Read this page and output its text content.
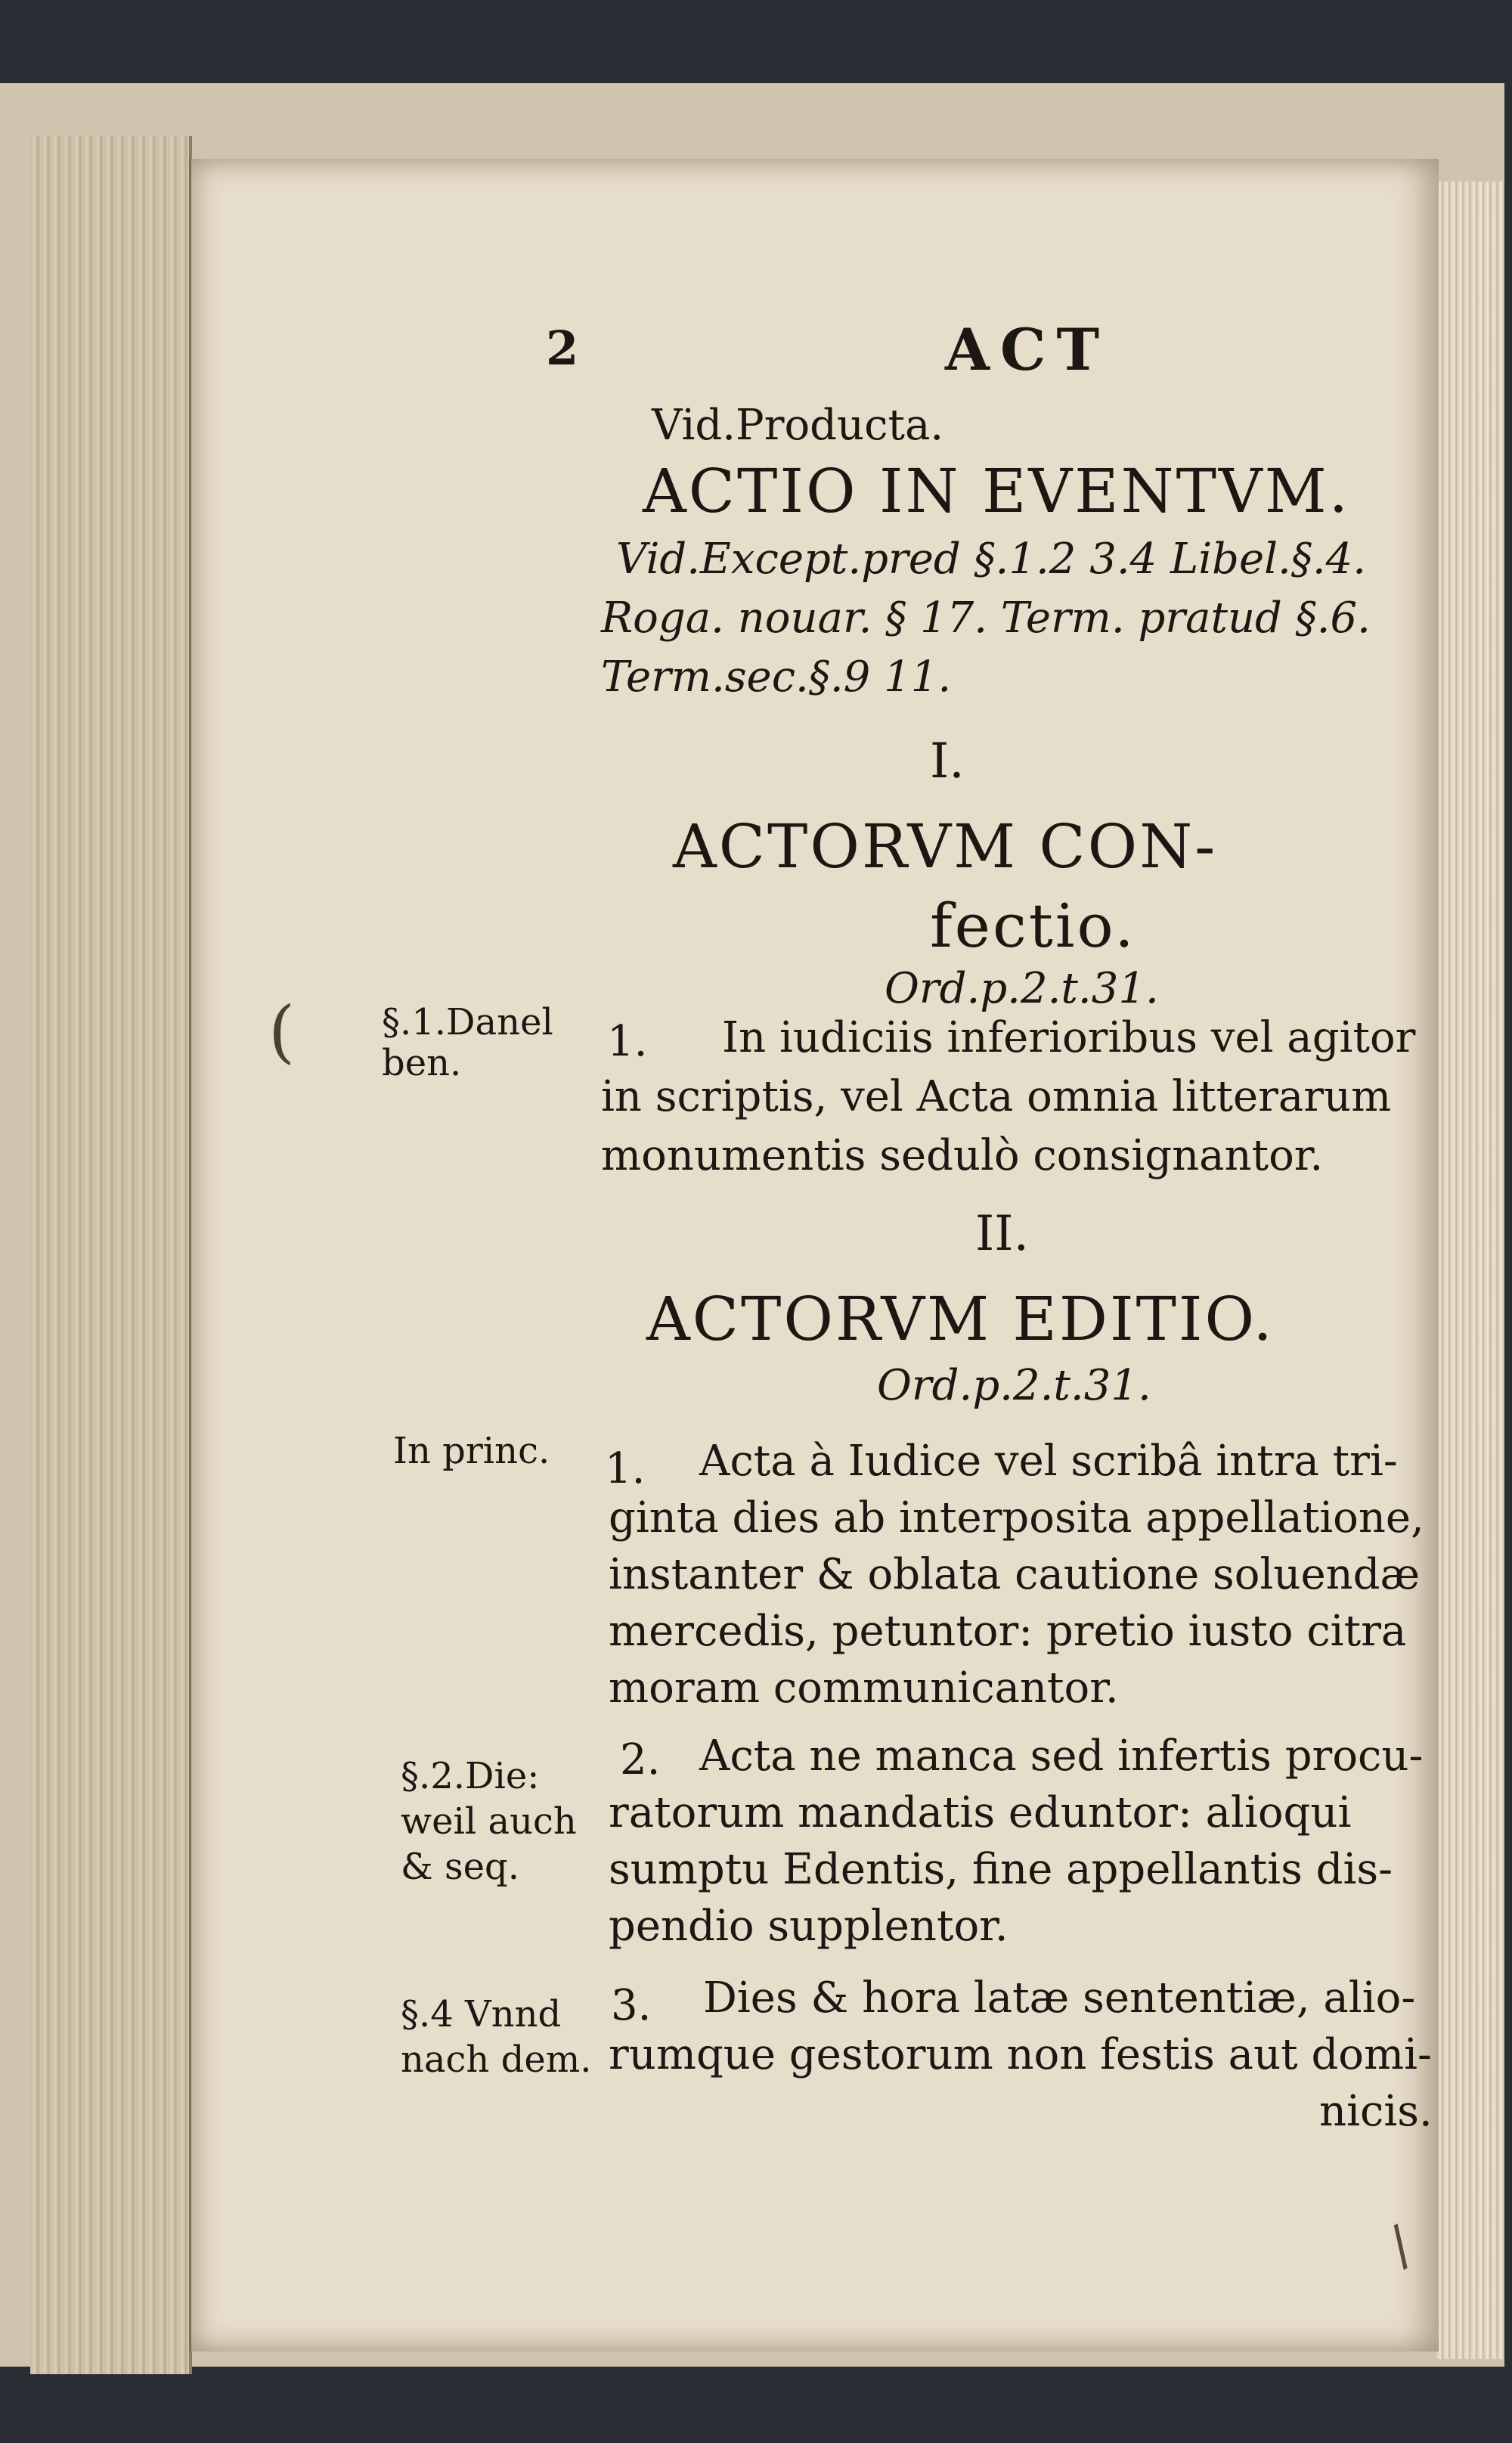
2	ACT
Vid.Producta.
ACTIO IN EVENTVM.
Vid.Except.pred §.1.2 3.4 Libel.§.4.
Roga. nouar. § 17. Term. pratud §.6.
Term.sec.§.9 11.
I.
ACTORVM CON-
fectio.
Ord.p.2.t.31.
( §.1.Danel
ben.	1. In iudiciis inferioribus vel agitor
in scriptis, vel Acta omnia litterarum
monumentis sedulò consignantor.
II.
ACTORVM EDITIO.
Ord.p.2.t.31.
In princ. 1. Acta à Iudice vel scribâ intra tri-
ginta dies ab interposita appellatione,
instanter & oblata cautione soluendæ
mercedis, petuntor: pretio iusto citra
moram communicantor.
§.2.Die:
weil auch
& seq.
2. Acta ne manca sed infertis procu-
ratorum mandatis eduntor: alioqui
sumptu Edentis, fine appellantis dis-
pendio supplentor.
§.4 Vnnd
nach dem.
3. Dies & hora latæ sententiæ, alio-
rumque gestorum non festis aut domi-
nicis.
/
